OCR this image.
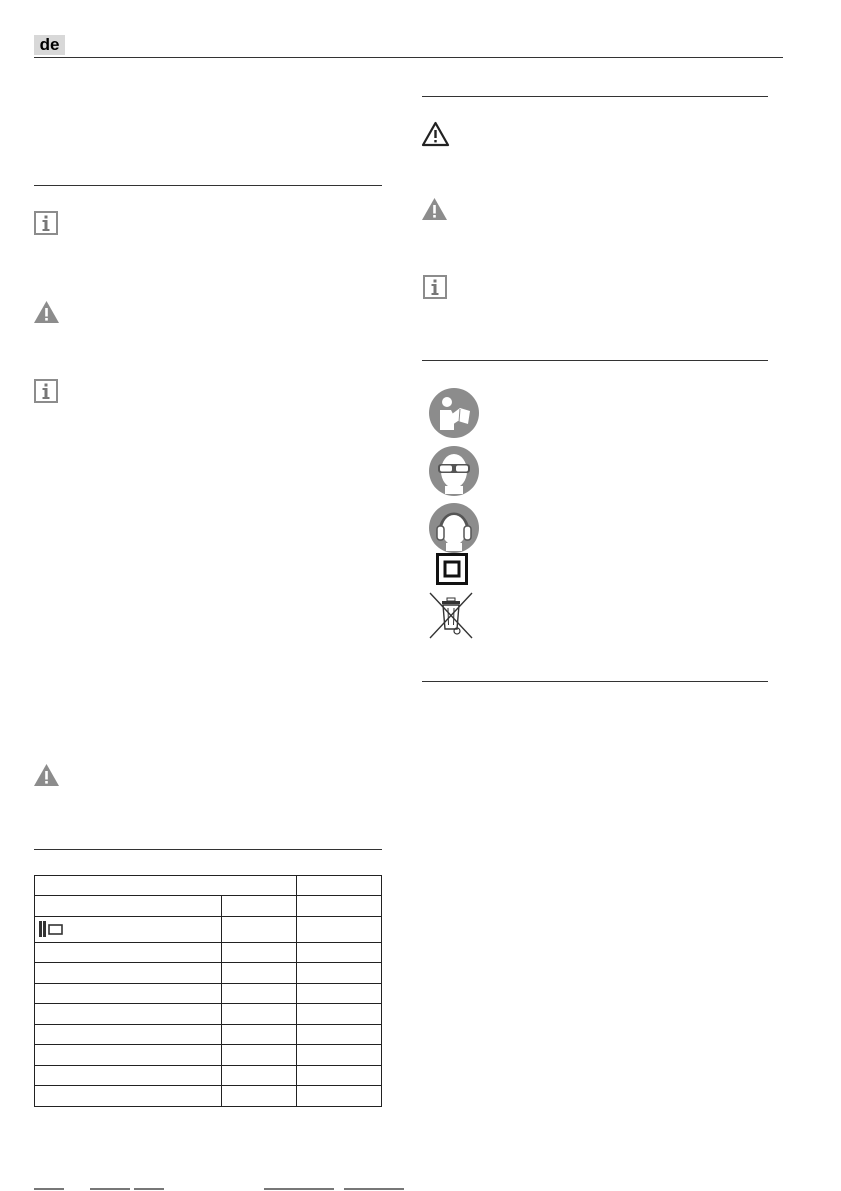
de
